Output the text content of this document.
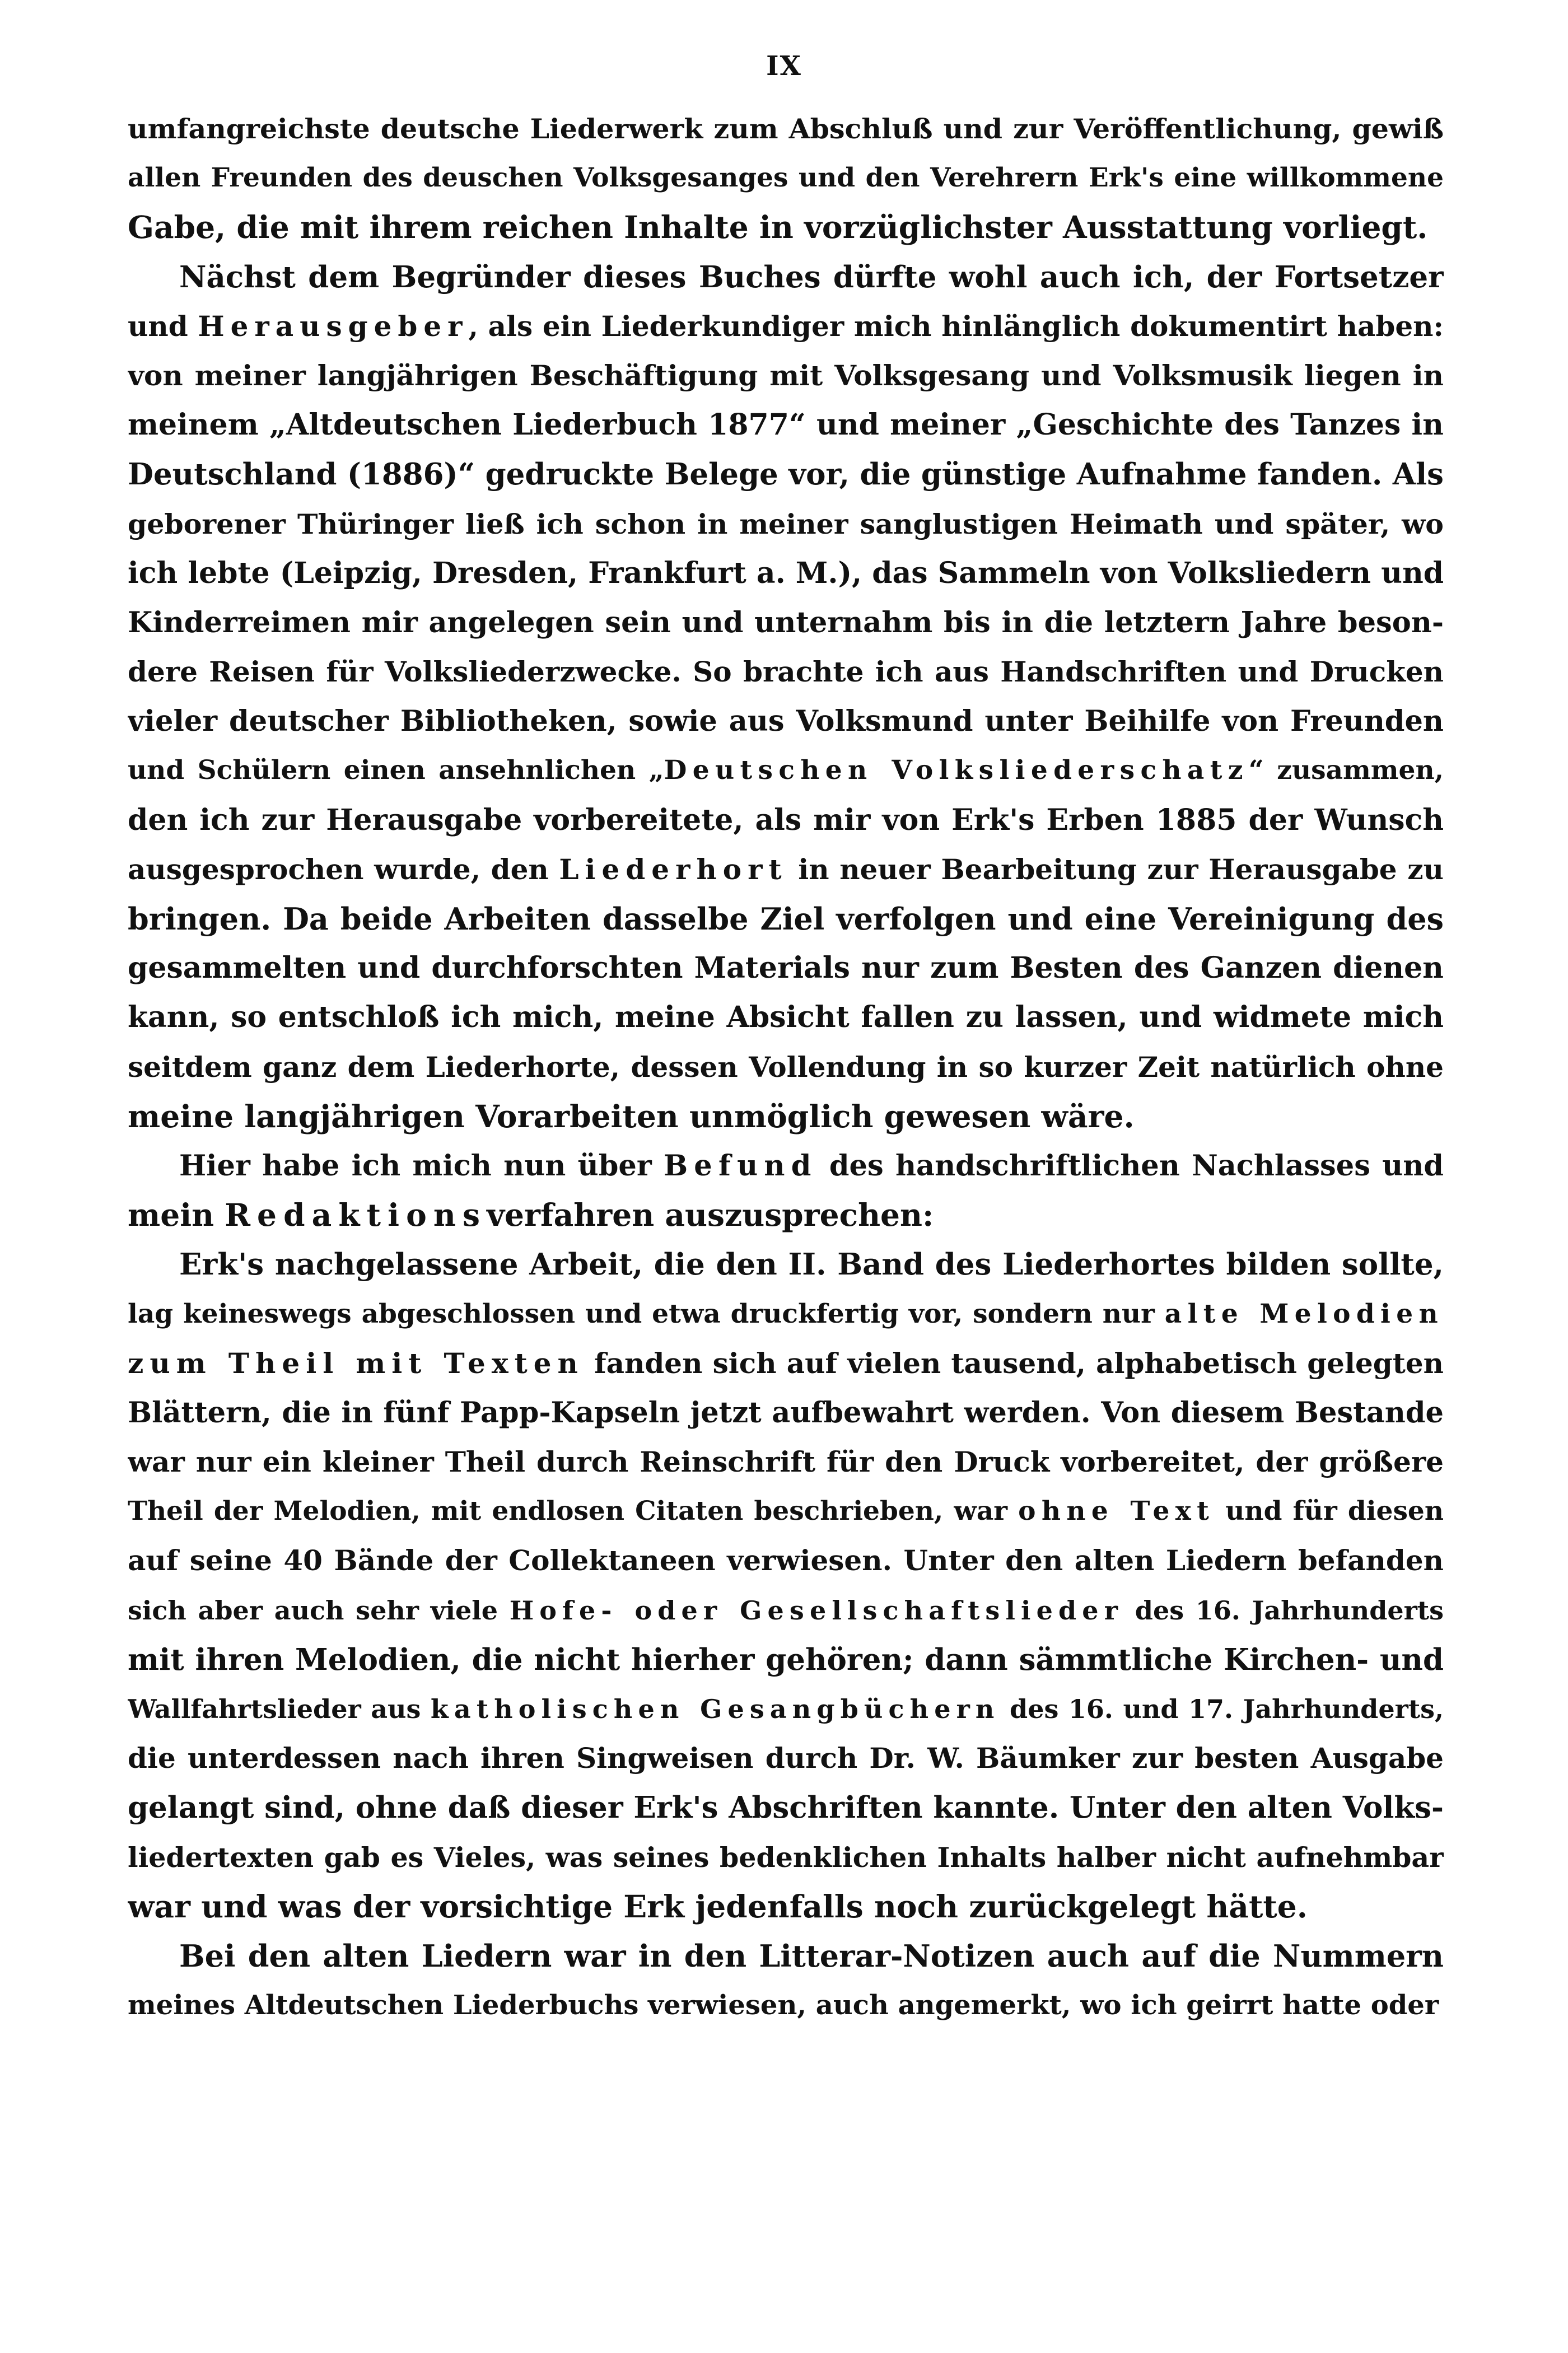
IX
umfangreichste deutsche Liederwerk zum Abschluß und zur Veröffentlichung, gewiß
allen Freunden des deuschen Volksgesanges und den Verehrern Erk's eine willkommene
Gabe, die mit ihrem reichen Inhalte in vorzüglichster Ausstattung vorliegt.
Nächst dem Begründer dieses Buches dürfte wohl auch ich, der Fortsetzer
und Herausgeber, als ein Liederkundiger mich hinlänglich dokumentirt haben:
von meiner langjährigen Beschäftigung mit Volksgesang und Volksmusik liegen in
meinem „Altdeutschen Liederbuch 1877“ und meiner „Geschichte des Tanzes in
Deutschland (1886)“ gedruckte Belege vor, die günstige Aufnahme fanden. Als
geborener Thüringer ließ ich schon in meiner sanglustigen Heimath und später, wo
ich lebte (Leipzig, Dresden, Frankfurt a. M.), das Sammeln von Volksliedern und
Kinderreimen mir angelegen sein und unternahm bis in die letztern Jahre beson-
dere Reisen für Volksliederzwecke. So brachte ich aus Handschriften und Drucken
vieler deutscher Bibliotheken, sowie aus Volksmund unter Beihilfe von Freunden
und Schülern einen ansehnlichen „Deutschen Volksliederschatz“ zusammen,
den ich zur Herausgabe vorbereitete, als mir von Erk's Erben 1885 der Wunsch
ausgesprochen wurde, den Liederhort in neuer Bearbeitung zur Herausgabe zu
bringen. Da beide Arbeiten dasselbe Ziel verfolgen und eine Vereinigung des
gesammelten und durchforschten Materials nur zum Besten des Ganzen dienen
kann, so entschloß ich mich, meine Absicht fallen zu lassen, und widmete mich
seitdem ganz dem Liederhorte, dessen Vollendung in so kurzer Zeit natürlich ohne
meine langjährigen Vorarbeiten unmöglich gewesen wäre.
Hier habe ich mich nun über Befund des handschriftlichen Nachlasses und
mein Redaktionsverfahren auszusprechen:
Erk's nachgelassene Arbeit, die den II. Band des Liederhortes bilden sollte,
lag keineswegs abgeschlossen und etwa druckfertig vor, sondern nur alte Melodien
zum Theil mit Texten fanden sich auf vielen tausend, alphabetisch gelegten
Blättern, die in fünf Papp-Kapseln jetzt aufbewahrt werden. Von diesem Bestande
war nur ein kleiner Theil durch Reinschrift für den Druck vorbereitet, der größere
Theil der Melodien, mit endlosen Citaten beschrieben, war ohne Text und für diesen
auf seine 40 Bände der Collektaneen verwiesen. Unter den alten Liedern befanden
sich aber auch sehr viele Hofe- oder Gesellschaftslieder des 16. Jahrhunderts
mit ihren Melodien, die nicht hierher gehören; dann sämmtliche Kirchen- und
Wallfahrtslieder aus katholischen Gesangbüchern des 16. und 17. Jahrhunderts,
die unterdessen nach ihren Singweisen durch Dr. W. Bäumker zur besten Ausgabe
gelangt sind, ohne daß dieser Erk's Abschriften kannte. Unter den alten Volks-
liedertexten gab es Vieles, was seines bedenklichen Inhalts halber nicht aufnehmbar
war und was der vorsichtige Erk jedenfalls noch zurückgelegt hätte.
Bei den alten Liedern war in den Litterar-Notizen auch auf die Nummern
meines Altdeutschen Liederbuchs verwiesen, auch angemerkt, wo ich geirrt hatte oder
